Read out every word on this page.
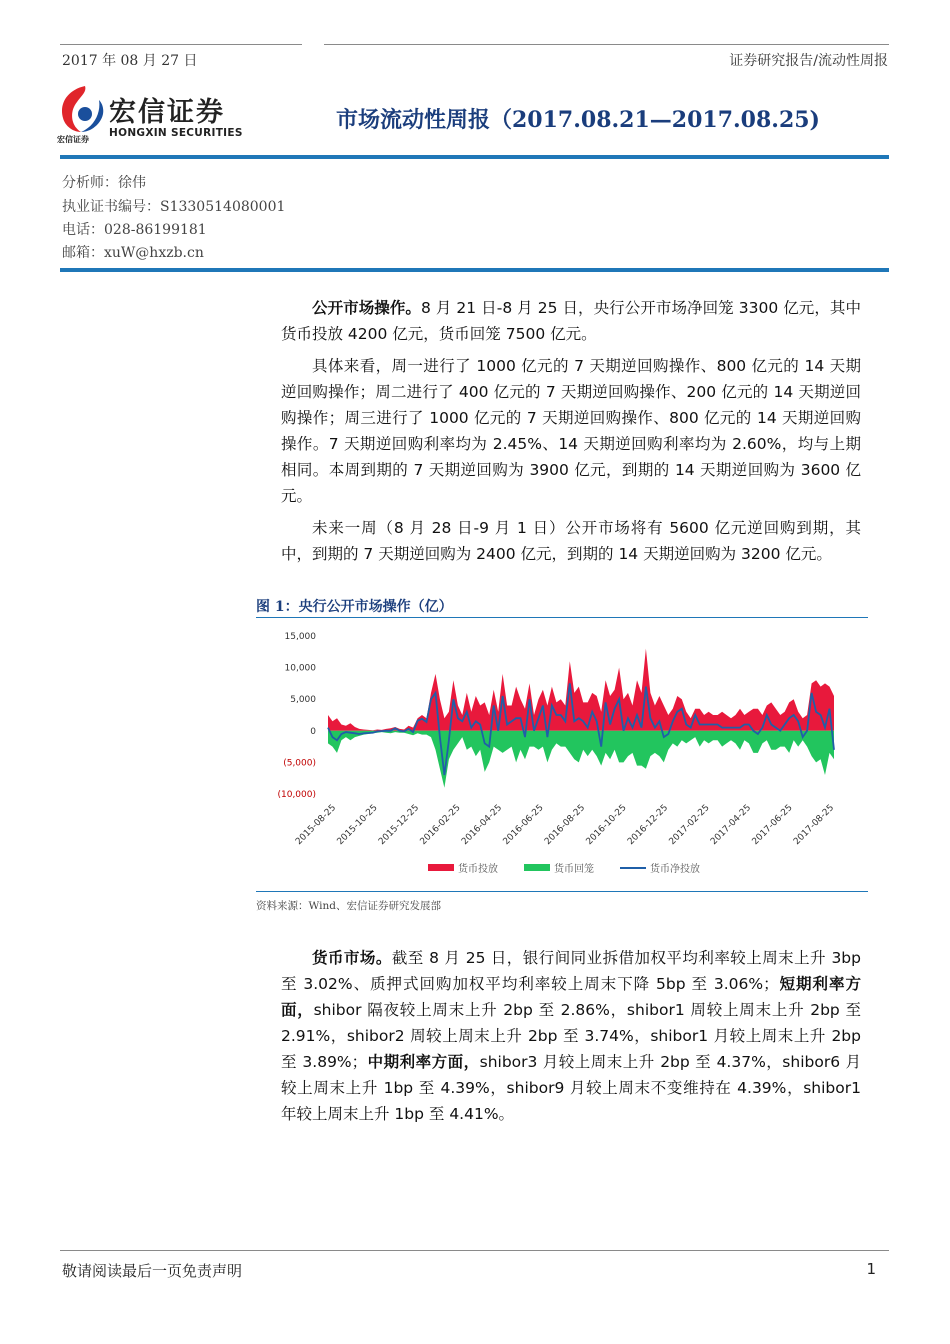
2017 年 08 月 27 日	证券研究报告/流动性周报
宏信证券
宏信证券
HONGXIN SECURITIES	市场流动性周报（2017.08.21—2017.08.25)
分析师：徐伟
执业证书编号：S1330514080001
电话：028-86199181
邮箱：xuW@hxzb.cn

公开市场操作。8 月 21 日-8 月 25 日，央行公开市场净回笼 3300 亿元，其中货币投放 4200 亿元，货币回笼 7500 亿元。

具体来看，周一进行了 1000 亿元的 7 天期逆回购操作、800 亿元的 14 天期逆回购操作；周二进行了 400 亿元的 7 天期逆回购操作、200 亿元的 14 天期逆回购操作；周三进行了 1000 亿元的 7 天期逆回购操作、800 亿元的 14 天期逆回购操作。7 天期逆回购利率均为 2.45%、14 天期逆回购利率均为 2.60%，均与上期相同。本周到期的 7 天期逆回购为 3900 亿元，到期的 14 天期逆回购为 3600 亿元。

未来一周（8 月 28 日-9 月 1 日）公开市场将有 5600 亿元逆回购到期，其中，到期的 7 天期逆回购为 2400 亿元，到期的 14 天期逆回购为 3200 亿元。

图 1：央行公开市场操作（亿）
15,000
10,000
5,000
0
(5,000)
(10,000)
2015-08-25
2015-10-25
2015-12-25
2016-02-25
2016-04-25
2016-06-25
2016-08-25
2016-10-25
2016-12-25
2017-02-25
2017-04-25
2017-06-25
2017-08-25
货币投放	货币回笼	货币净投放
资料来源：Wind、宏信证券研究发展部

货币市场。截至 8 月 25 日，银行间同业拆借加权平均利率较上周末上升 3bp 至 3.02%、质押式回购加权平均利率较上周末下降 5bp 至 3.06%；短期利率方面，shibor 隔夜较上周末上升 2bp 至 2.86%，shibor1 周较上周末上升 2bp 至 2.91%，shibor2 周较上周末上升 2bp 至 3.74%，shibor1 月较上周末上升 2bp 至 3.89%；中期利率方面，shibor3 月较上周末上升 2bp 至 4.37%，shibor6 月较上周末上升 1bp 至 4.39%，shibor9 月较上周末不变维持在 4.39%，shibor1 年较上周末上升 1bp 至 4.41%。

敬请阅读最后一页免责声明	1
